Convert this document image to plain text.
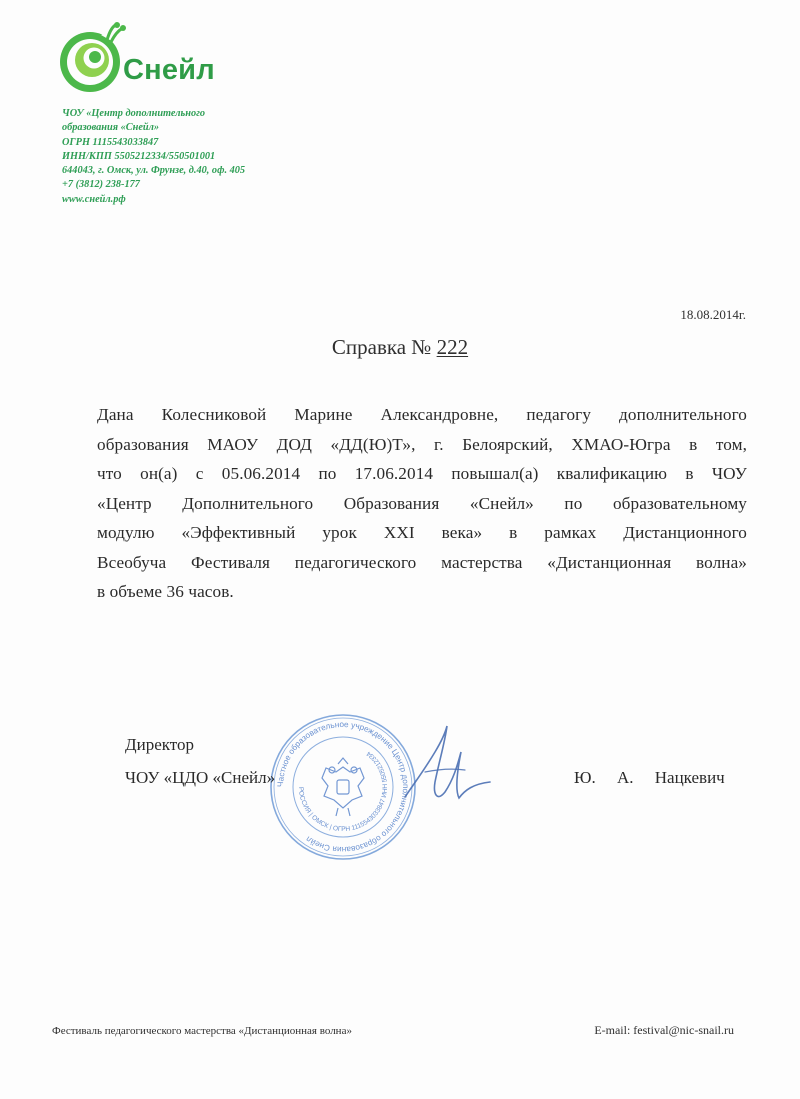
Снейл
ЧОУ «Центр дополнительного
образования «Снейл»
ОГРН 1115543033847
ИНН/КПП 5505212334/550501001
644043, г. Омск, ул. Фрунзе, д.40, оф. 405
+7 (3812) 238-177
www.снейл.рф
18.08.2014г.
Справка № 222
Дана Колесниковой Марине Александровне, педагогу дополнительного
образования МАОУ ДОД «ДД(Ю)Т», г. Белоярский, ХМАО-Югра в том,
что он(а) с 05.06.2014 по 17.06.2014 повышал(а) квалификацию в ЧОУ
«Центр Дополнительного Образования «Снейл» по образовательному
модулю «Эффективный урок XXI века» в рамках Дистанционного
Всеобуча Фестиваля педагогического мастерства «Дистанционная волна»
в объеме 36 часов.
Частное образовательное учреждение Центр дополнительного образования Снейл
РОССИЯ | ОМСК | ОГРН 1115543033847 ИНН 5505212334
Директор
ЧОУ «ЦДО «Снейл»	Ю.     А.     Нацкевич
Фестиваль педагогического мастерства «Дистанционная волна»	E-mail: festival@nic-snail.ru
